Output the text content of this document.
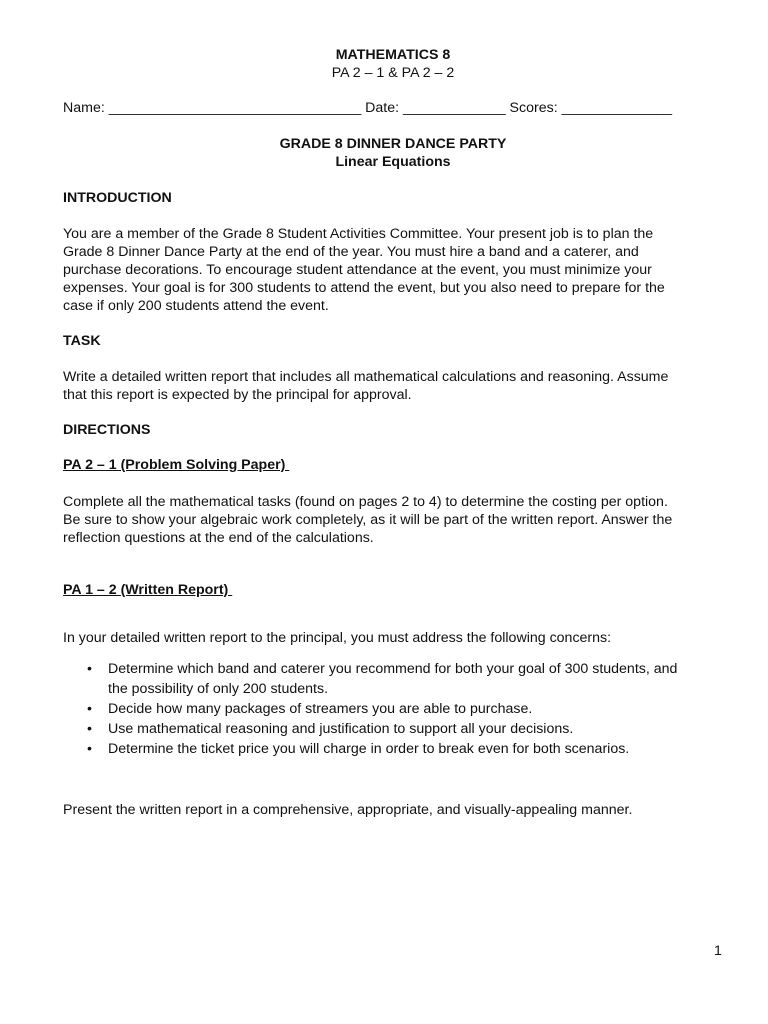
MATHEMATICS 8
PA 2 – 1 & PA 2 – 2
Name: ________________________________ Date: _____________ Scores: ______________
GRADE 8 DINNER DANCE PARTY
Linear Equations
INTRODUCTION
You are a member of the Grade 8 Student Activities Committee. Your present job is to plan the
Grade 8 Dinner Dance Party at the end of the year. You must hire a band and a caterer, and
purchase decorations. To encourage student attendance at the event, you must minimize your
expenses. Your goal is for 300 students to attend the event, but you also need to prepare for the
case if only 200 students attend the event.
TASK
Write a detailed written report that includes all mathematical calculations and reasoning. Assume
that this report is expected by the principal for approval.
DIRECTIONS
PA 2 – 1 (Problem Solving Paper)
Complete all the mathematical tasks (found on pages 2 to 4) to determine the costing per option.
Be sure to show your algebraic work completely, as it will be part of the written report. Answer the
reflection questions at the end of the calculations.
PA 1 – 2 (Written Report)
In your detailed written report to the principal, you must address the following concerns:
• Determine which band and caterer you recommend for both your goal of 300 students, and
the possibility of only 200 students.
• Decide how many packages of streamers you are able to purchase.
• Use mathematical reasoning and justification to support all your decisions.
• Determine the ticket price you will charge in order to break even for both scenarios.
Present the written report in a comprehensive, appropriate, and visually-appealing manner.
1
